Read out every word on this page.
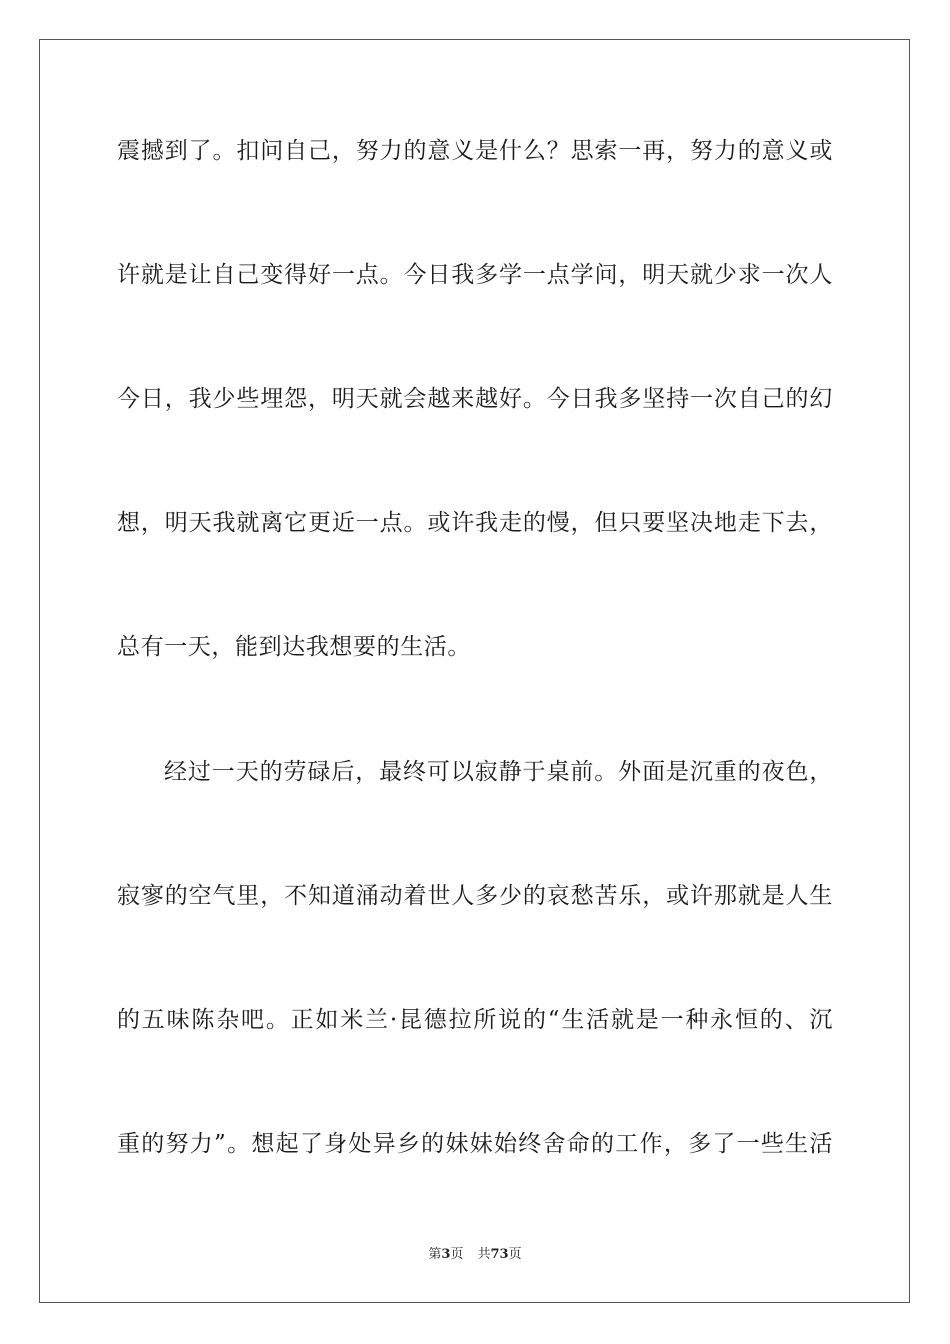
震撼到了。扣问自己，努力的意义是什么？思索一再，努力的意义或
许就是让自己变得好一点。今日我多学一点学问，明天就少求一次人
今日，我少些埋怨，明天就会越来越好。今日我多坚持一次自己的幻
想，明天我就离它更近一点。或许我走的慢，但只要坚决地走下去，
总有一天，能到达我想要的生活。
经过一天的劳碌后，最终可以寂静于桌前。外面是沉重的夜色，
寂寥的空气里，不知道涌动着世人多少的哀愁苦乐，或许那就是人生
的五味陈杂吧。正如米兰·昆德拉所说的“生活就是一种永恒的、沉
重的努力”。想起了身处异乡的妹妹始终舍命的工作，多了一些生活
第3页 共73页
